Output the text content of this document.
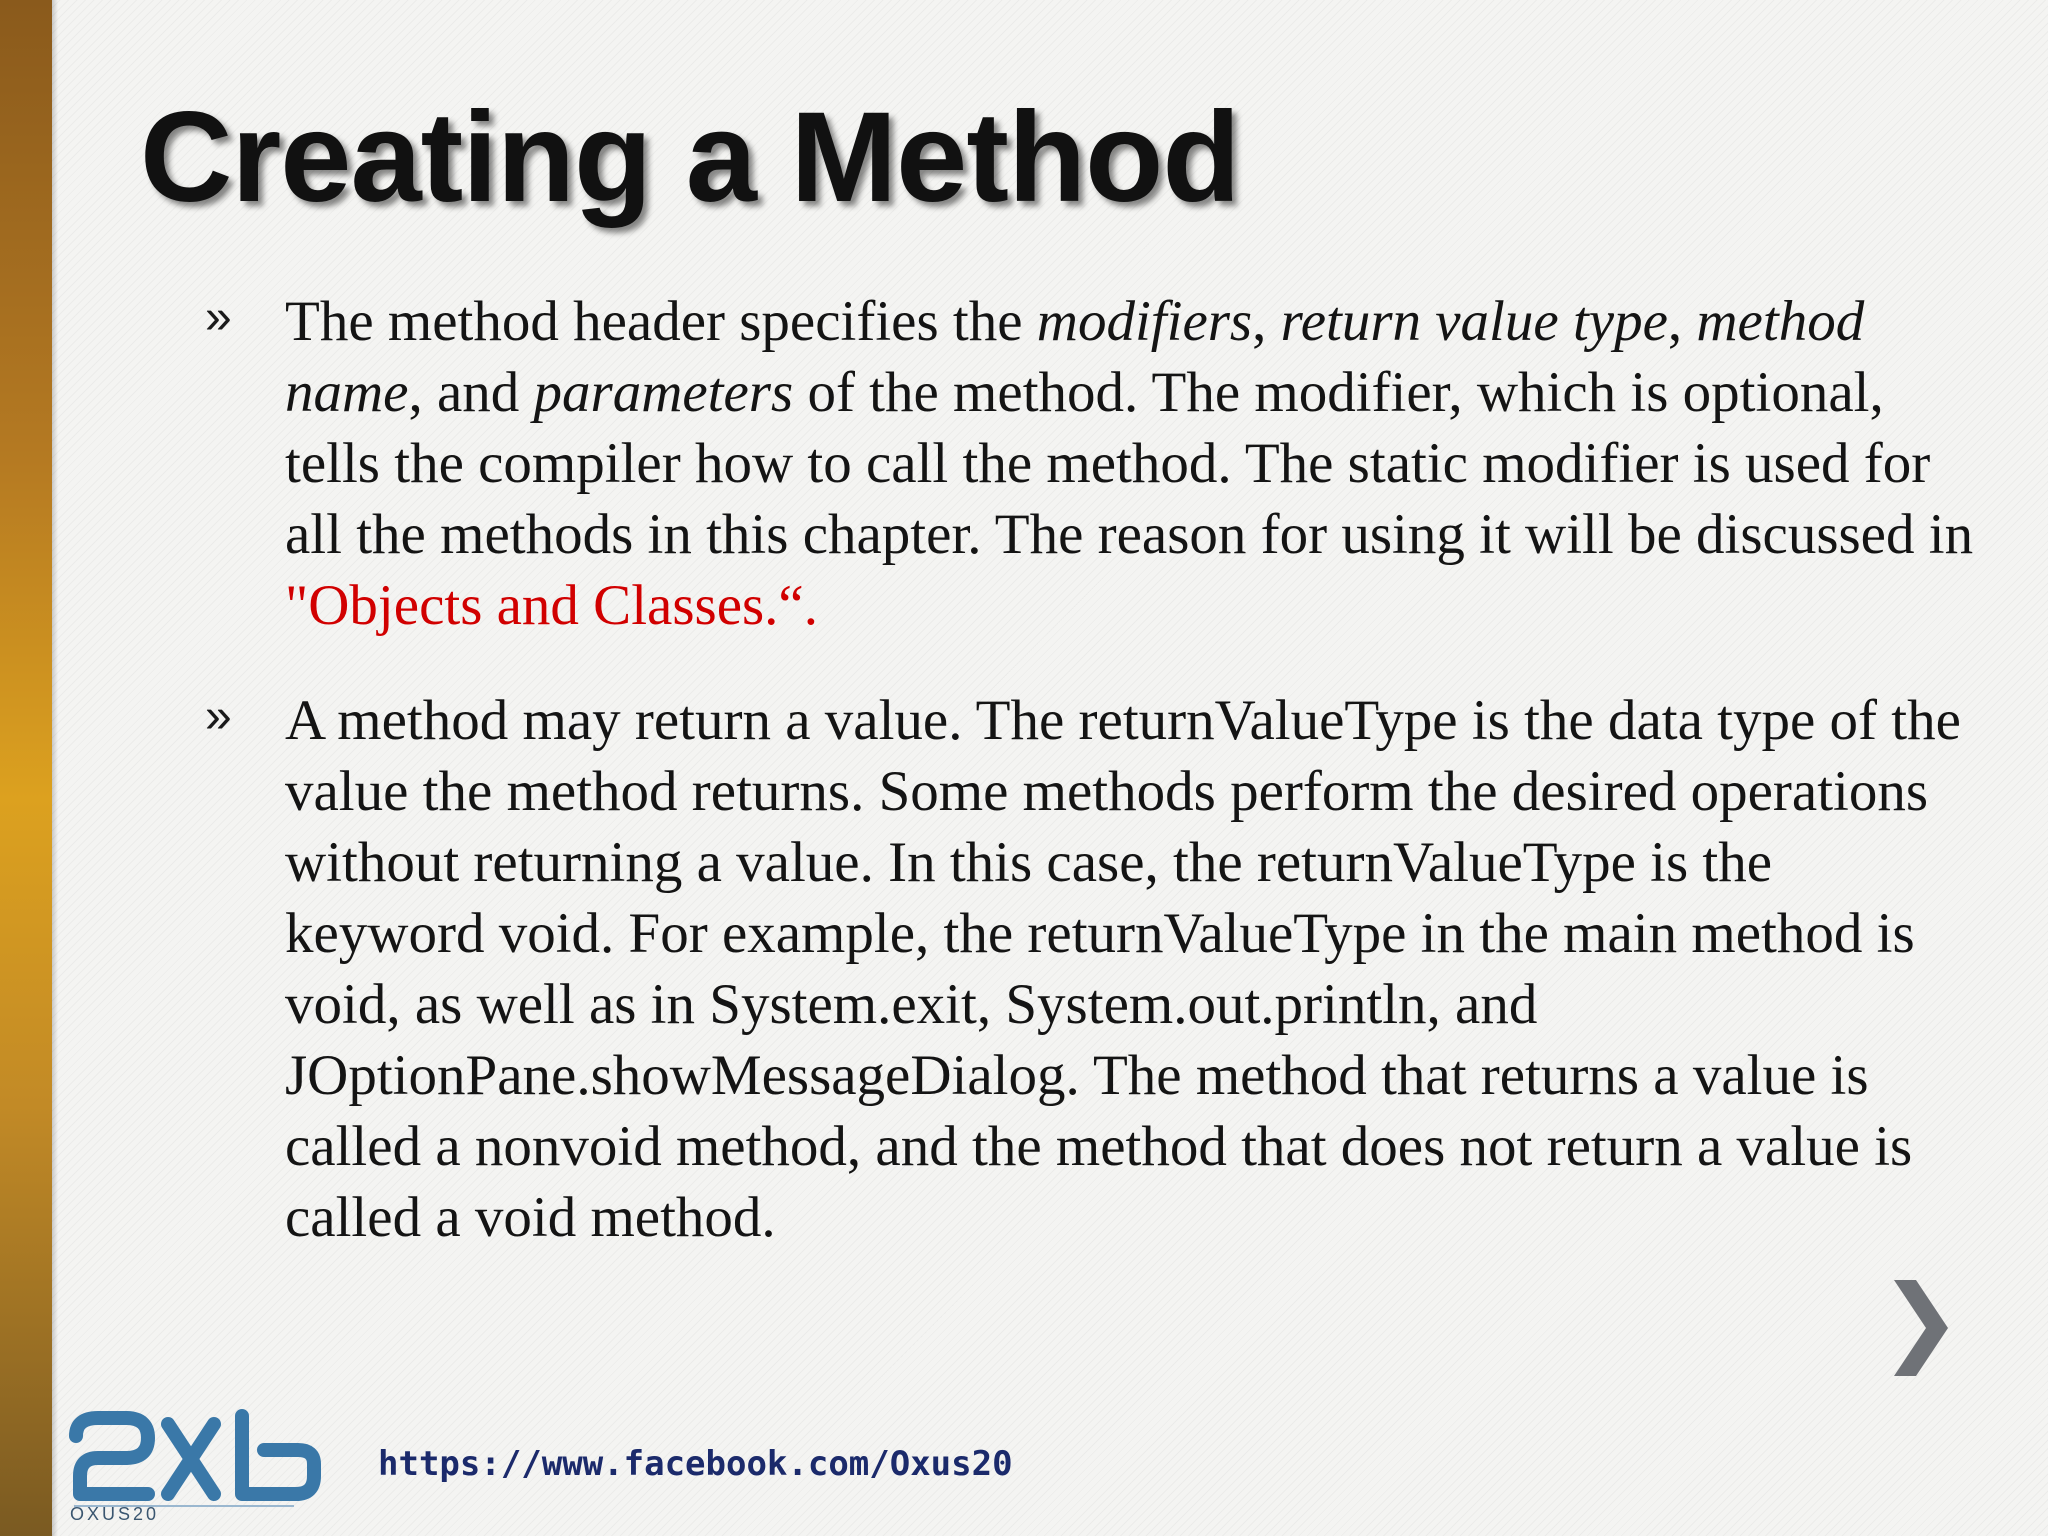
Creating a Method
» The method header specifies the modifiers, return value type, method name, and parameters of the method. The modifier, which is optional, tells the compiler how to call the method. The static modifier is used for all the methods in this chapter. The reason for using it will be discussed in "Objects and Classes.“.

» A method may return a value. The returnValueType is the data type of the value the method returns. Some methods perform the desired operations without returning a value. In this case, the returnValueType is the keyword void. For example, the returnValueType in the main method is void, as well as in System.exit, System.out.println, and JOptionPane.showMessageDialog. The method that returns a value is called a nonvoid method, and the method that does not return a value is called a void method.

OXUS20
https://www.facebook.com/Oxus20
